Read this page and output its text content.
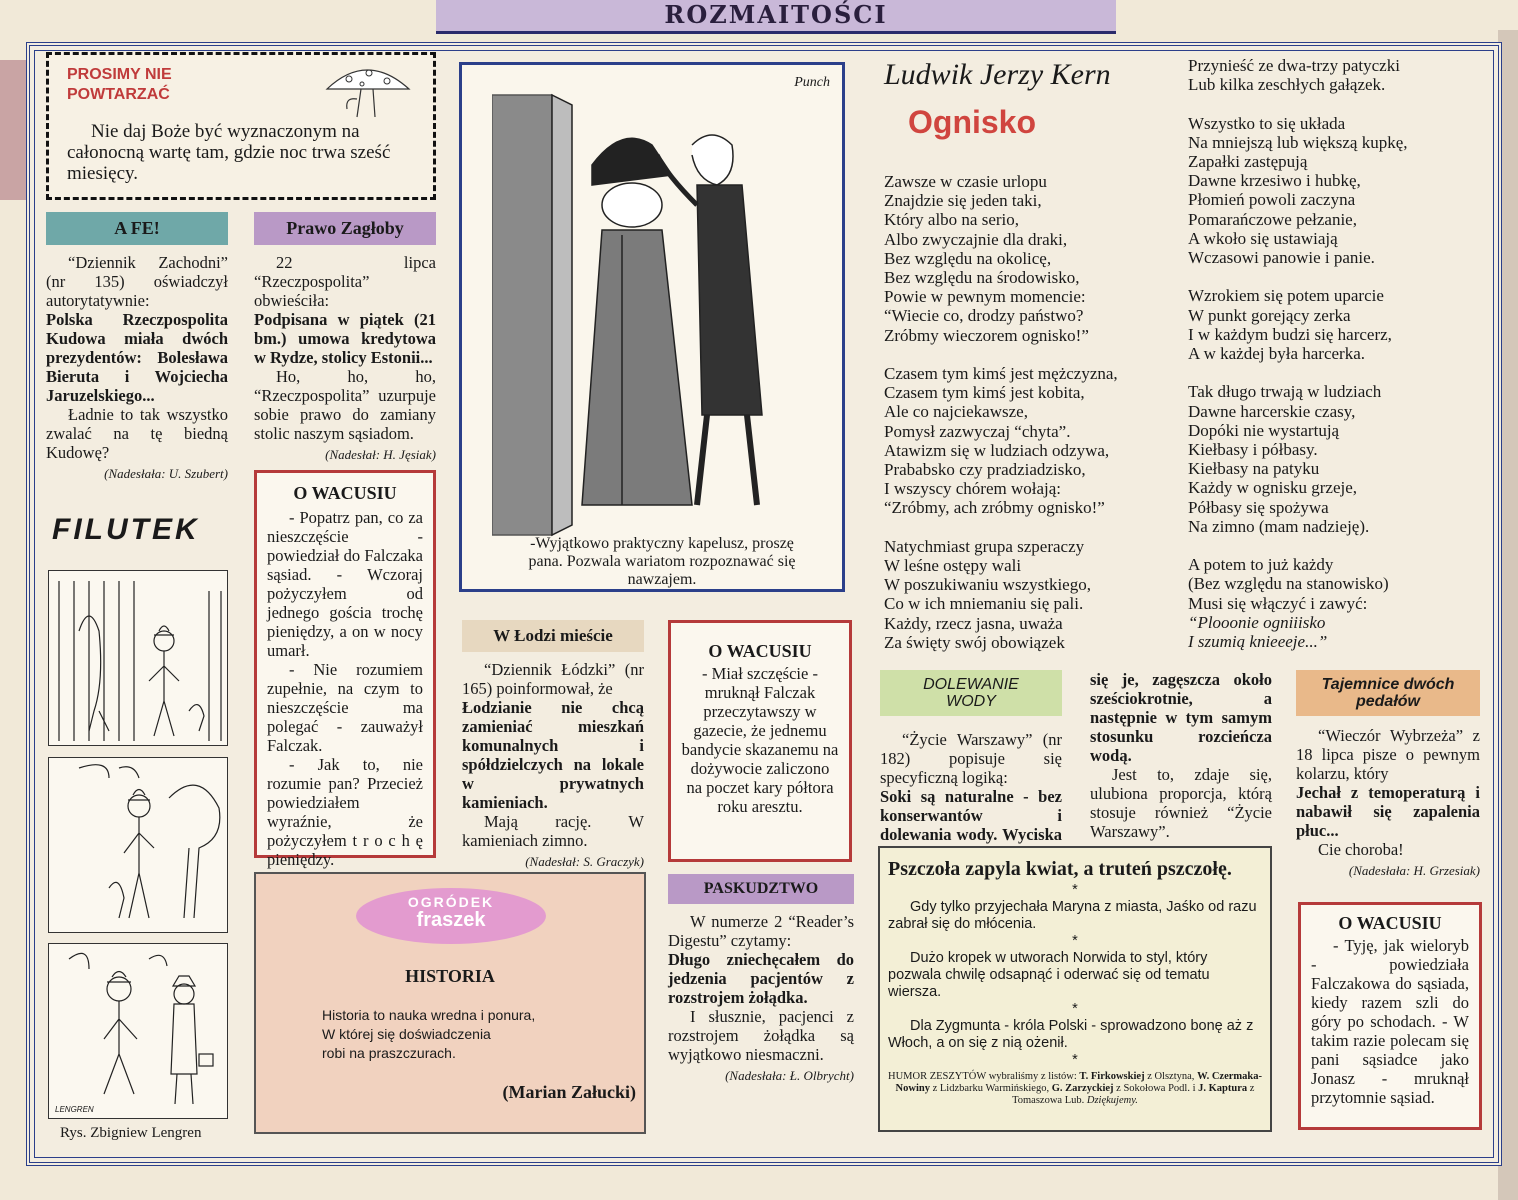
ROZMAITOŚCI
PROSIMY NIE
POWTARZAĆ
Nie daj Boże być wyznaczonym na całonocną wartę tam, gdzie noc trwa sześć miesięcy.
A FE!

“Dziennik Zachodni” (nr 135) oświadczył autorytatywnie:

Polska Rzeczpospolita Kudowa miała dwóch prezydentów: Bolesława Bieruta i Wojciecha Jaruzelskiego...

Ładnie to tak wszystko zwalać na tę biedną Kudowę?

(Nadesłała: U. Szubert)
Prawo Zagłoby

22 lipca “Rzeczpospolita” obwieściła:

Podpisana w piątek (21 bm.) umowa kredytowa w Rydze, stolicy Estonii...

Ho, ho, ho, “Rzeczpospolita” uzurpuje sobie prawo do zamiany stolic naszym sąsiadom.

(Nadesłał: H. Jęsiak)
FILUTEK
LENGREN
Rys. Zbigniew Lengren
O WACUSIU

- Popatrz pan, co za nieszczęście - powiedział do Falczaka sąsiad. - Wczoraj pożyczyłem od jednego gościa trochę pieniędzy, a on w nocy umarł.

- Nie rozumiem zupełnie, na czym to nieszczęście ma polegać - zauważył Falczak.

- Jak to, nie rozumie pan? Przecież powiedziałem wyraźnie, że pożyczyłem t r o c h ę pieniędzy.

Punch
-Wyjątkowo praktyczny kapelusz, proszę pana. Pozwala wariatom rozpoznawać się nawzajem.
W Łodzi mieście

“Dziennik Łódzki” (nr 165) poinformował, że

Łodzianie nie chcą zamieniać mieszkań komunalnych i spółdzielczych na lokale w prywatnych kamieniach.

Mają rację. W kamieniach zimno.

(Nadesłał: S. Graczyk)
O WACUSIU
- Miał szczęście - mruknął Falczak przeczytawszy w gazecie, że jednemu bandycie skazanemu na dożywocie zaliczono na poczet kary półtora roku aresztu.
OGRÓDEK
fraszek
HISTORIA
Historia to nauka wredna i ponura,
W której się doświadczenia
robi na praszczurach.
(Marian Załucki)
PASKUDZTWO

W numerze 2 “Reader’s Digestu” czytamy:

Długo zniechęcałem do jedzenia pacjentów z rozstrojem żołądka.

I słusznie, pacjenci z rozstrojem żołądka są wyjątkowo niesmaczni.

(Nadesłała: Ł. Olbrycht)
Ludwik Jerzy Kern
Ognisko
Zawsze w czasie urlopu
Znajdzie się jeden taki,
Który albo na serio,
Albo zwyczajnie dla draki,
Bez względu na okolicę,
Bez względu na środowisko,
Powie w pewnym momencie:
“Wiecie co, drodzy państwo?
Zróbmy wieczorem ognisko!”

Czasem tym kimś jest mężczyzna,
Czasem tym kimś jest kobita,
Ale co najciekawsze,
Pomysł zazwyczaj “chyta”.
Atawizm się w ludziach odzywa,
Prababsko czy pradziadzisko,
I wszyscy chórem wołają:
“Zróbmy, ach zróbmy ognisko!”

Natychmiast grupa szperaczy
W leśne ostępy wali
W poszukiwaniu wszystkiego,
Co w ich mniemaniu się pali.
Każdy, rzecz jasna, uważa
Za święty swój obowiązek
Przynieść ze dwa-trzy patyczki
Lub kilka zeschłych gałązek.

Wszystko to się układa
Na mniejszą lub większą kupkę,
Zapałki zastępują
Dawne krzesiwo i hubkę,
Płomień powoli zaczyna
Pomarańczowe pełzanie,
A wkoło się ustawiają
Wczasowi panowie i panie.

Wzrokiem się potem uparcie
W punkt gorejący zerka
I w każdym budzi się harcerz,
A w każdej była harcerka.

Tak długo trwają w ludziach
Dawne harcerskie czasy,
Dopóki nie wystartują
Kiełbasy i półbasy.
Kiełbasy na patyku
Każdy w ognisku grzeje,
Półbasy się spożywa
Na zimno (mam nadzieję).

A potem to już każdy
(Bez względu na stanowisko)
Musi się włączyć i zawyć:
“Plooonie ogniiisko
I szumią knieeeje...”
DOLEWANIE WODY

“Życie Warszawy” (nr 182) popisuje się specyficzną logiką:

Soki są naturalne - bez konserwantów i dolewania wody. Wyciska się je, zagęszcza około sześciokrotnie, a następnie w tym samym stosunku rozcieńcza wodą.

Jest to, zdaje się, ulubiona proporcja, którą stosuje również “Życie Warszawy”.

Tajemnice dwóch pedałów

“Wieczór Wybrzeża” z 18 lipca pisze o pewnym kolarzu, który

Jechał z temoperaturą i nabawił się zapalenia płuc...

Cie choroba!

(Nadesłała: H. Grzesiak)
Pszczoła zapyla kwiat, a truteń pszczołę.
*

Gdy tylko przyjechała Maryna z miasta, Jaśko od razu zabrał się do młócenia.

*

Dużo kropek w utworach Norwida to styl, który pozwala chwilę odsapnąć i oderwać się od tematu wiersza.

*

Dla Zygmunta - króla Polski - sprowadzono bonę aż z Włoch, a on się z nią ożenił.

*
HUMOR ZESZYTÓW wybraliśmy z listów: T. Firkowskiej z Olsztyna, W. Czermaka-Nowiny z Lidzbarku Warmińskiego, G. Zarzyckiej z Sokołowa Podl. i J. Kaptura z Tomaszowa Lub. Dziękujemy.
O WACUSIU
- Tyję, jak wieloryb - powiedziała Falczakowa do sąsiada, kiedy razem szli do góry po schodach. - W takim razie polecam się pani sąsiadce jako Jonasz - mruknął przytomnie sąsiad.
